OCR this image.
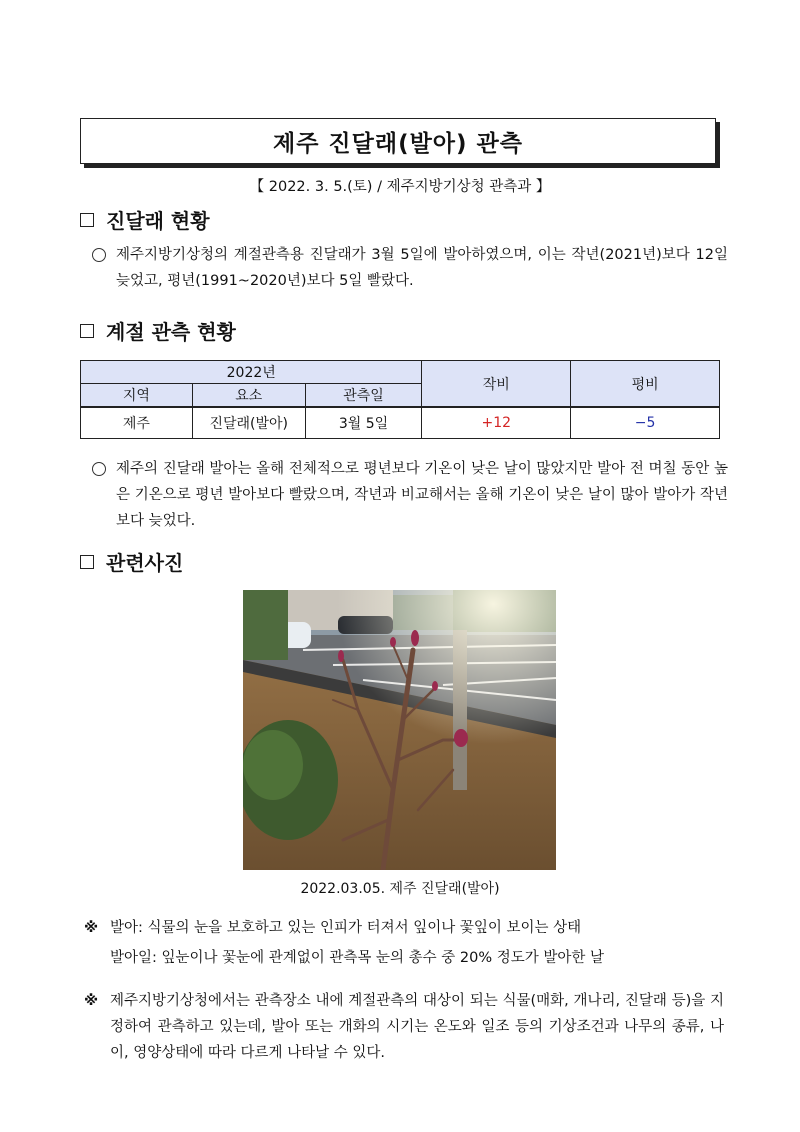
제주 진달래(발아) 관측
【 2022. 3. 5.(토) / 제주지방기상청 관측과 】
진달래 현황
제주지방기상청의 계절관측용 진달래가 3월 5일에 발아하였으며, 이는 작년(2021년)보다 12일 늦었고, 평년(1991~2020년)보다 5일 빨랐다.
계절 관측 현황
2022년			작비	평비
지역	요소	관측일		
제주	진달래(발아)	3월 5일	+12	−5
제주의 진달래 발아는 올해 전체적으로 평년보다 기온이 낮은 날이 많았지만 발아 전 며칠 동안 높은 기온으로 평년 발아보다 빨랐으며, 작년과 비교해서는 올해 기온이 낮은 날이 많아 발아가 작년보다 늦었다.
관련사진
2022.03.05. 제주 진달래(발아)
※ 발아: 식물의 눈을 보호하고 있는 인피가 터져서 잎이나 꽃잎이 보이는 상태
발아일: 잎눈이나 꽃눈에 관계없이 관측목 눈의 총수 중 20% 정도가 발아한 날
※ 제주지방기상청에서는 관측장소 내에 계절관측의 대상이 되는 식물(매화, 개나리, 진달래 등)을 지정하여 관측하고 있는데, 발아 또는 개화의 시기는 온도와 일조 등의 기상조건과 나무의 종류, 나이, 영양상태에 따라 다르게 나타날 수 있다.
